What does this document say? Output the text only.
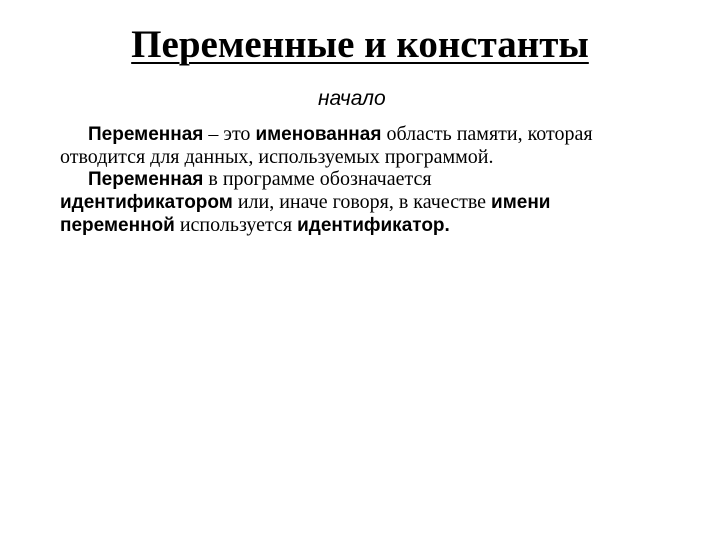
Переменные и константы
начало
Переменная – это именованная область памяти, которая
отводится для данных, используемых программой.
Переменная в программе обозначается
идентификатором или, иначе говоря, в качестве имени
переменной используется идентификатор.
